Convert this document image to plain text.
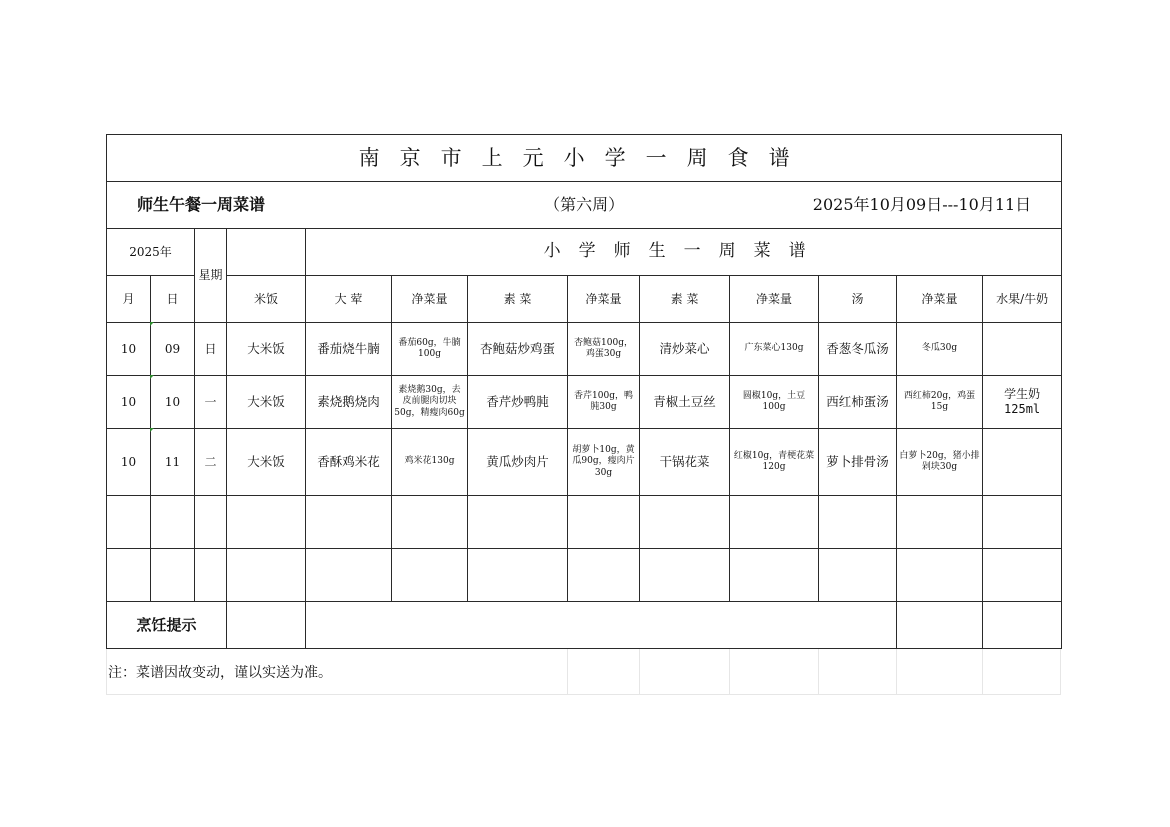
南京市上元小学一周食谱												

师生午餐一周菜谱 （第六周） 2025年10月09日---10月11日												

2025年		星期		小学师生一周菜谱								
月	日		米饭	大 荤	净菜量	素 菜	净菜量	素 菜	净菜量	汤	净菜量	水果/牛奶
10	09	日	大米饭	番茄烧牛腩	番茄60g，牛腩100g	杏鲍菇炒鸡蛋	杏鲍菇100g，鸡蛋30g	清炒菜心	广东菜心130g	香葱冬瓜汤	冬瓜30g	
10	10	一	大米饭	素烧鹅烧肉	素烧鹅30g，去皮前腿肉切块50g，精瘦肉60g	香芹炒鸭肫	香芹100g，鸭肫30g	青椒土豆丝	圆椒10g，土豆100g	西红柿蛋汤	西红柿20g，鸡蛋15g	学生奶 125ml
10	11	二	大米饭	香酥鸡米花	鸡米花130g	黄瓜炒肉片	胡萝卜10g，黄瓜90g，瘦肉片30g	干锅花菜	红椒10g，青梗花菜120g	萝卜排骨汤	白萝卜20g，猪小排剁块30g	

烹饪提示												
注：菜谱因故变动，谨以实送为准。
